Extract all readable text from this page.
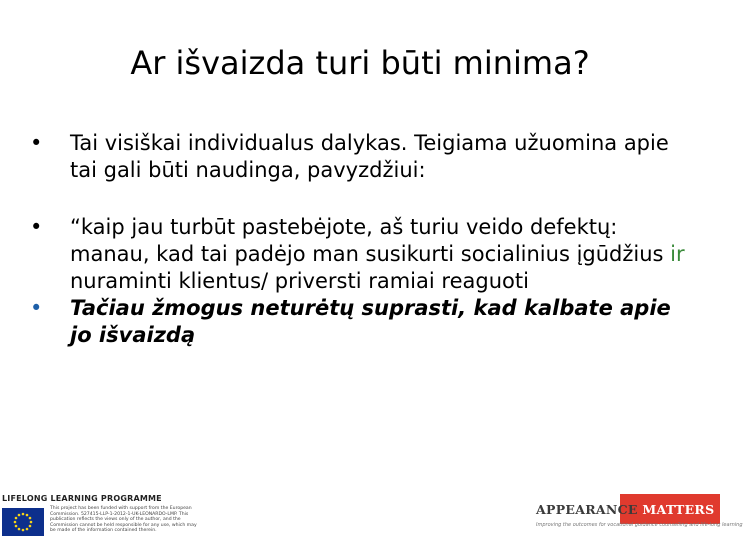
Ar išvaizda turi būti minima?

• Tai visiškai individualus dalykas. Teigiama užuomina apie tai gali būti naudinga, pavyzdžiui:

• “kaip jau turbūt pastebėjote, aš turiu veido defektų: manau, kad tai padėjo man susikurti socialinius įgūdžius ir nuraminti klientus/ priversti ramiai reaguoti

• Tačiau žmogus neturėtų suprasti, kad kalbate apie jo išvaizdą

LIFELONG LEARNING PROGRAMME
This project has been funded with support from the European Commission. 527415-LLP-1-2012-1-UK-LEONARDO-LMP. This publication reflects the views only of the author, and the Commission cannot be held responsible for any use, which may be made of the information contained therein.
APPEARANCE MATTERS
Improving the outcomes for vocational guidance counselling and life-long learning
